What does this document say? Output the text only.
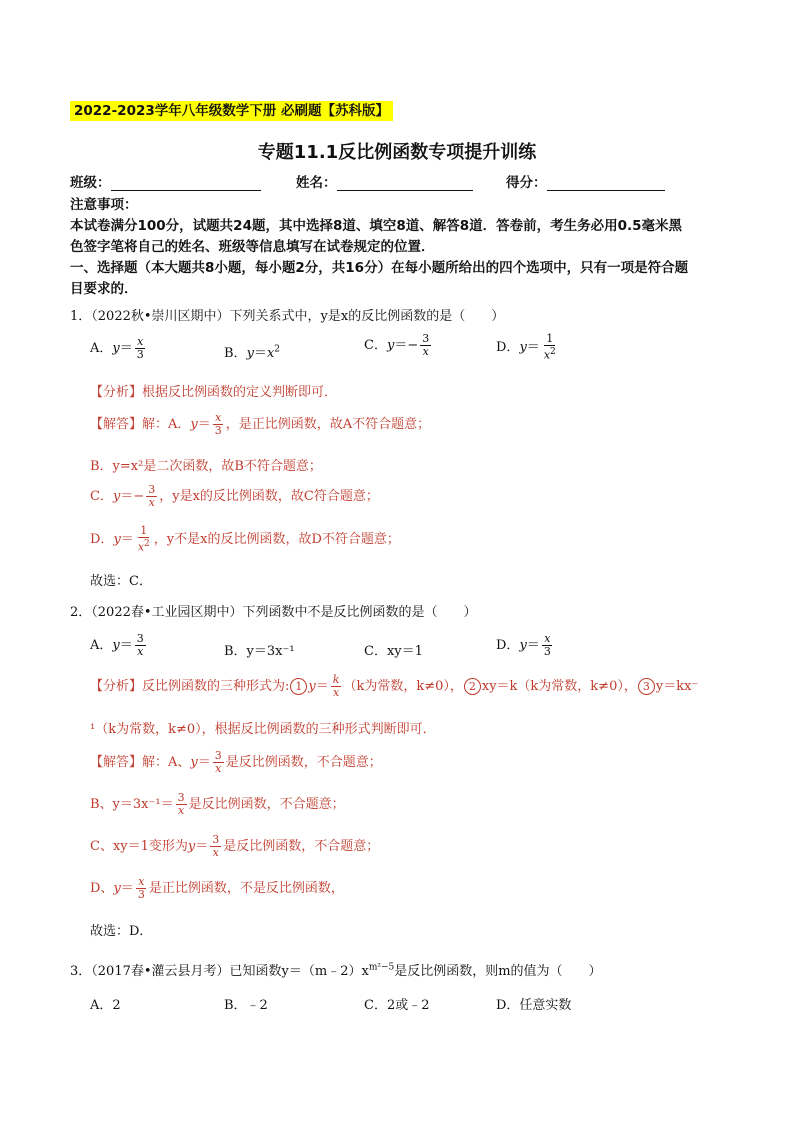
2022-2023学年八年级数学下册 必刷题【苏科版】
专题11.1反比例函数专项提升训练
班级：	姓名：	得分：
注意事项：
本试卷满分100分，试题共24题，其中选择8道、填空8道、解答8道．答卷前，考生务必用0.5毫米黑
色签字笔将自己的姓名、班级等信息填写在试卷规定的位置．
一、选择题（本大题共8小题，每小题2分，共16分）在每小题所给出的四个选项中，只有一项是符合题
目要求的．
1．（2022秋•崇川区期中）下列关系式中，y是x的反比例函数的是（　　）
A．$y= \frac{x}{3}$	B．$y=x^2$	C．$y=- \frac{3}{x}$	D．$y= \frac{1}{x^2}$
【分析】根据反比例函数的定义判断即可．
【解答】解：A．$y= \frac{x}{3}$ ，是正比例函数，故A不符合题意；
B．y=x²是二次函数，故B不符合题意；
C．$y=- \frac{3}{x}$ ，y是x的反比例函数，故C符合题意；
D．$y= \frac{1}{x^2}$ ，y不是x的反比例函数，故D不符合题意；
故选：C．
2．（2022春•工业园区期中）下列函数中不是反比例函数的是（　　）
A．$y= \frac{3}{x}$	B．y＝3x⁻¹	C．xy＝1	D．$y= \frac{x}{3}$
【分析】反比例函数的三种形式为: 1 $y= \frac{k}{x} (k$为常数，k≠0）， 2 xy＝k（k为常数，k≠0）， 3 y＝kx⁻
¹（k为常数，k≠0），根据反比例函数的三种形式判断即可．
【解答】解：A、$y= \frac{3}{x}$ 是反比例函数，不合题意；
B、$y=3x^{-1}= \frac{3}{x}$ 是反比例函数，不合题意；
C、xy＝1变形为$y= \frac{3}{x}$ 是反比例函数，不合题意；
D、$y= \frac{x}{3}$ 是正比例函数，不是反比例函数，
故选：D．
3．（2017春•灌云县月考）已知函数$y=(m﹣2)x^{m^2-5}$是反比例函数，则m的值为（　　）
A．2	B．﹣2	C．2或﹣2	D．任意实数
